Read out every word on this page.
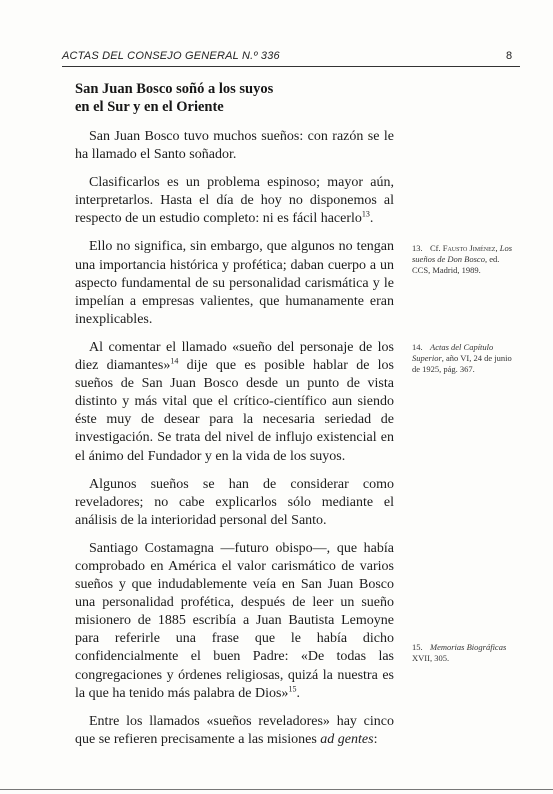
ACTAS DEL CONSEJO GENERAL N.º 336	8
San Juan Bosco soñó a los suyos
en el Sur y en el Oriente

San Juan Bosco tuvo muchos sueños: con razón se le ha llamado el Santo soñador.

Clasificarlos es un problema espinoso; mayor aún, interpretarlos. Hasta el día de hoy no disponemos al respecto de un estudio completo: ni es fácil hacerlo$^{13}$.

Ello no significa, sin embargo, que algunos no tengan una importancia histórica y profética; daban cuerpo a un aspecto fundamental de su personalidad carismática y le impelían a empresas valientes, que humanamente eran inexplicables.

Al comentar el llamado «sueño del personaje de los diez diamantes»$^{14}$ dije que es posible hablar de los sueños de San Juan Bosco desde un punto de vista distinto y más vital que el crítico-científico aun siendo éste muy de desear para la necesaria seriedad de investigación. Se trata del nivel de influjo existencial en el ánimo del Fundador y en la vida de los suyos.

Algunos sueños se han de considerar como reveladores; no cabe explicarlos sólo mediante el análisis de la interioridad personal del Santo.

Santiago Costamagna —futuro obispo—, que había comprobado en América el valor carismático de varios sueños y que indudablemente veía en San Juan Bosco una personalidad profética, después de leer un sueño misionero de 1885 escribía a Juan Bautista Lemoyne para referirle una frase que le había dicho confidencialmente el buen Padre: «De todas las congregaciones y órdenes religiosas, quizá la nuestra es la que ha tenido más palabra de Dios»$^{15}$.

Entre los llamados «sueños reveladores» hay cinco que se refieren precisamente a las misiones ad gentes:

13. Cf. Fausto Jiménez, Los sueños de Don Bosco, ed. CCS, Madrid, 1989.
14. Actas del Capítulo Superior, año VI, 24 de junio de 1925, pág. 367.
15. Memorias Biográficas XVII, 305.
